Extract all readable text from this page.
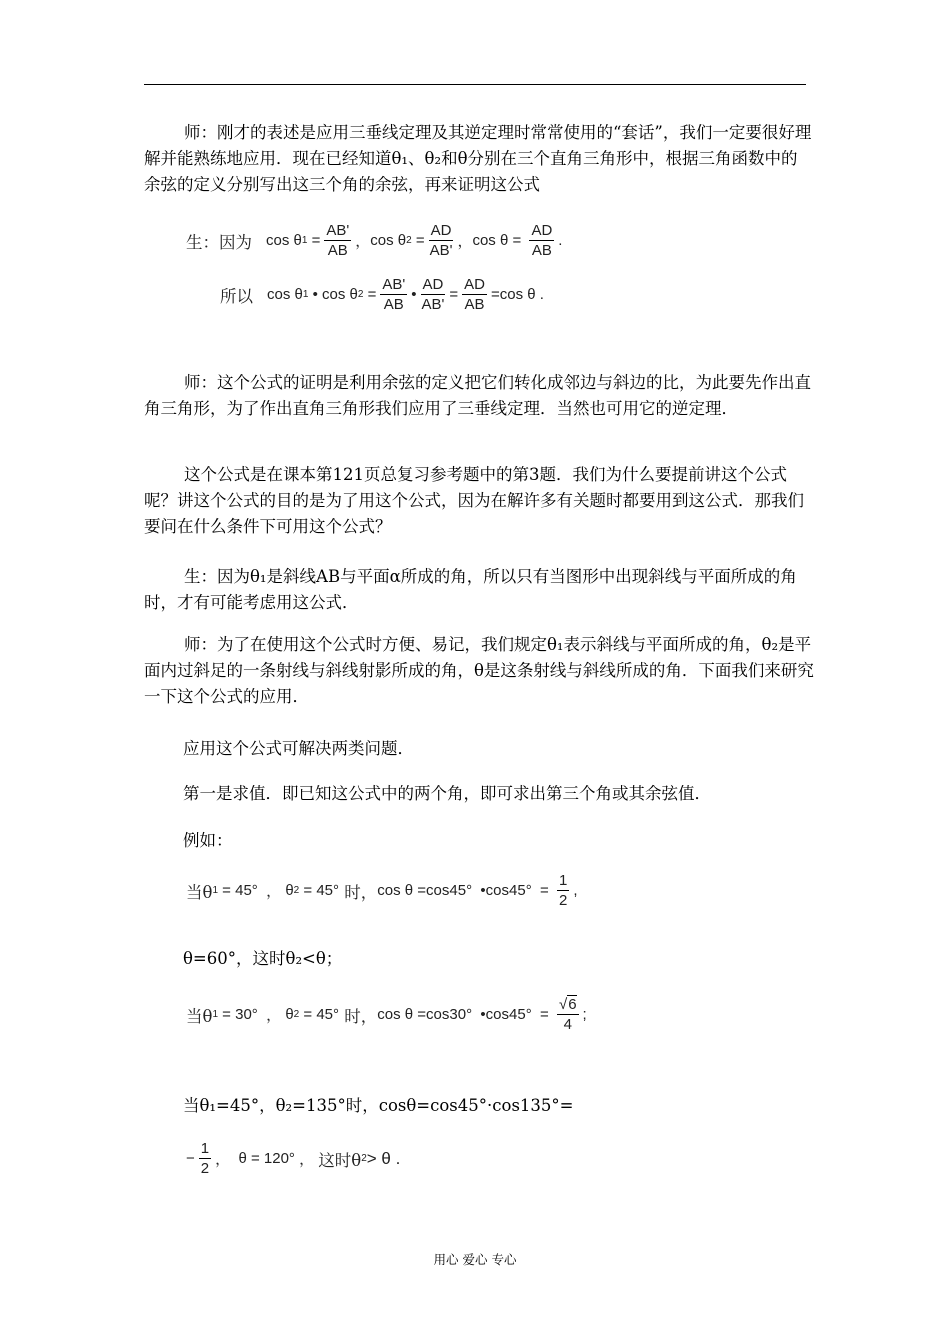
师：刚才的表述是应用三垂线定理及其逆定理时常常使用的“套话”，我们一定要很好理解并能熟练地应用．现在已经知道θ₁、θ₂和θ分别在三个直角三角形中，根据三角函数中的余弦的定义分别写出这三个角的余弦，再来证明这公式

生：因为 cos θ $1 = \frac{AB'}{AB}$ ， cos θ $2 = \frac{AD}{AB'}$ ， $\cos \theta = \frac{AD}{AB}$ .
所以 cos θ 1 • cos θ $2 = \frac{AB'}{AB}$ • $\frac{AD}{AB'} = \frac{AD}{AB} = \cos \theta$ .

师：这个公式的证明是利用余弦的定义把它们转化成邻边与斜边的比，为此要先作出直角三角形，为了作出直角三角形我们应用了三垂线定理．当然也可用它的逆定理．

这个公式是在课本第121页总复习参考题中的第3题．我们为什么要提前讲这个公式呢？讲这个公式的目的是为了用这个公式，因为在解许多有关题时都要用到这公式．那我们要问在什么条件下可用这个公式？

生：因为θ₁是斜线AB与平面α所成的角，所以只有当图形中出现斜线与平面所成的角时，才有可能考虑用这公式．

师：为了在使用这个公式时方便、易记，我们规定θ₁表示斜线与平面所成的角，θ₂是平面内过斜足的一条射线与斜线射影所成的角，θ是这条射线与斜线所成的角．下面我们来研究一下这个公式的应用．

应用这个公式可解决两类问题．
第一是求值．即已知这公式中的两个角，即可求出第三个角或其余弦值．
例如：
当θ 1
= 45° ， θ 2
= 45°
时， cos θ =cos45° • $\cos 45^\circ = \frac{1}{2}$ ,
θ=60°，这时θ₂<θ；
当θ 1
= 30° ， θ 2
= 45°
时， cos θ =cos30° • $\cos 45^\circ = \frac{√6}{4}$ ;
当θ₁=45°，θ₂=135°时，cosθ=cos45°·cos135°=
− $\frac{1}{2}$ ， θ = 120° ， 这时θ 2 > θ .
用心 爱心 专心
